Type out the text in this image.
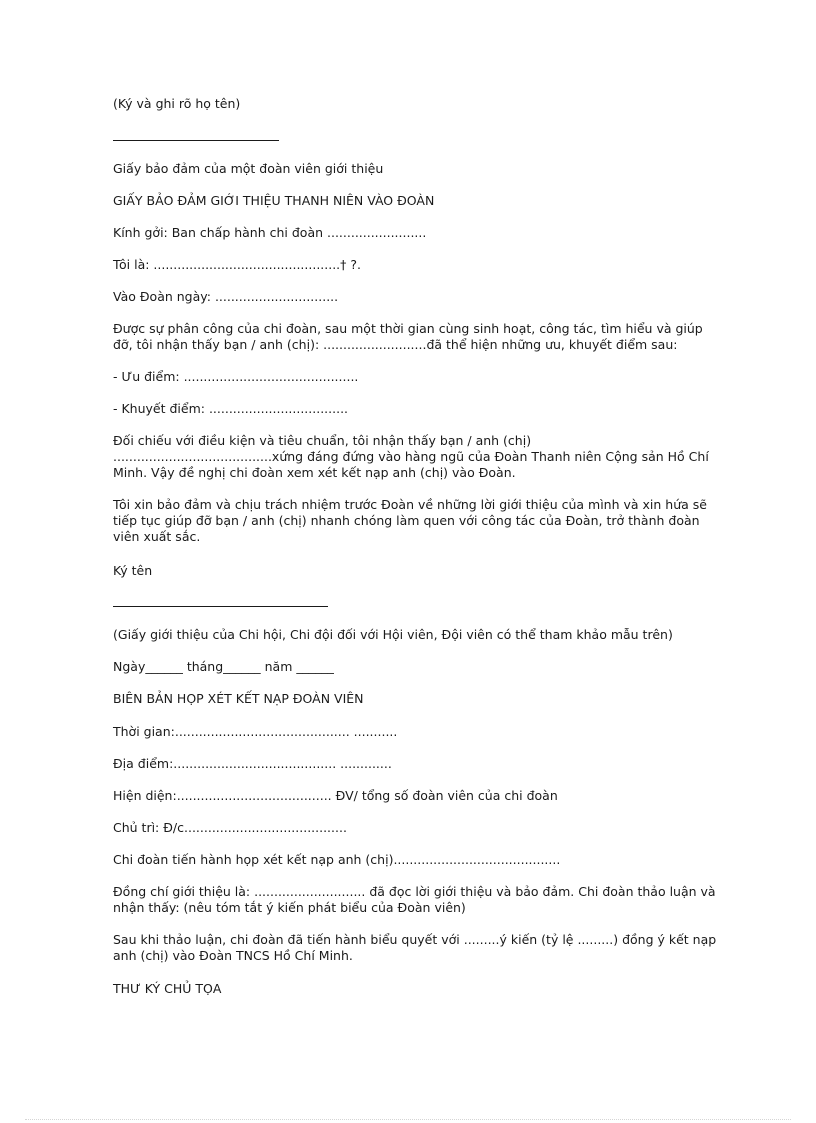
(Ký và ghi rõ họ tên)

Giấy bảo đảm của một đoàn viên giới thiệu

GIẤY BẢO ĐẢM GIỚI THIỆU THANH NIÊN VÀO ĐOÀN

Kính gởi: Ban chấp hành chi đoàn .........................

Tôi là: ...............................................† ?.

Vào Đoàn ngày: ...............................

Được sự phân công của chi đoàn, sau một thời gian cùng sinh hoạt, công tác, tìm hiểu và giúp đỡ, tôi nhận thấy bạn / anh (chị): ..........................đã thể hiện những ưu, khuyết điểm sau:

- Ưu điểm: ............................................

- Khuyết điểm: ...................................

Đối chiếu với điều kiện và tiêu chuẩn, tôi nhận thấy bạn / anh (chị) ........................................xứng đáng đứng vào hàng ngũ của Đoàn Thanh niên Cộng sản Hồ Chí Minh. Vậy đề nghị chi đoàn xem xét kết nạp anh (chị) vào Đoàn.

Tôi xin bảo đảm và chịu trách nhiệm trước Đoàn về những lời giới thiệu của mình và xin hứa sẽ tiếp tục giúp đỡ bạn / anh (chị) nhanh chóng làm quen với công tác của Đoàn, trở thành đoàn viên xuất sắc.

Ký tên

(Giấy giới thiệu của Chi hội, Chi đội đối với Hội viên, Đội viên có thể tham khảo mẫu trên)

Ngày______ tháng______ năm ______

BIÊN BẢN HỌP XÉT KẾT NẠP ĐOÀN VIÊN

Thời gian:............................................ ...........

Địa điểm:......................................... .............

Hiện diện:....................................... ĐV/ tổng số đoàn viên của chi đoàn

Chủ trì: Đ/c.........................................

Chi đoàn tiến hành họp xét kết nạp anh (chị)..........................................

Đồng chí giới thiệu là: ............................ đã đọc lời giới thiệu và bảo đảm. Chi đoàn thảo luận và nhận thấy: (nêu tóm tắt ý kiến phát biểu của Đoàn viên)

Sau khi thảo luận, chi đoàn đã tiến hành biểu quyết với .........ý kiến (tỷ lệ .........) đồng ý kết nạp anh (chị) vào Đoàn TNCS Hồ Chí Minh.

THƯ KÝ CHỦ TỌA
